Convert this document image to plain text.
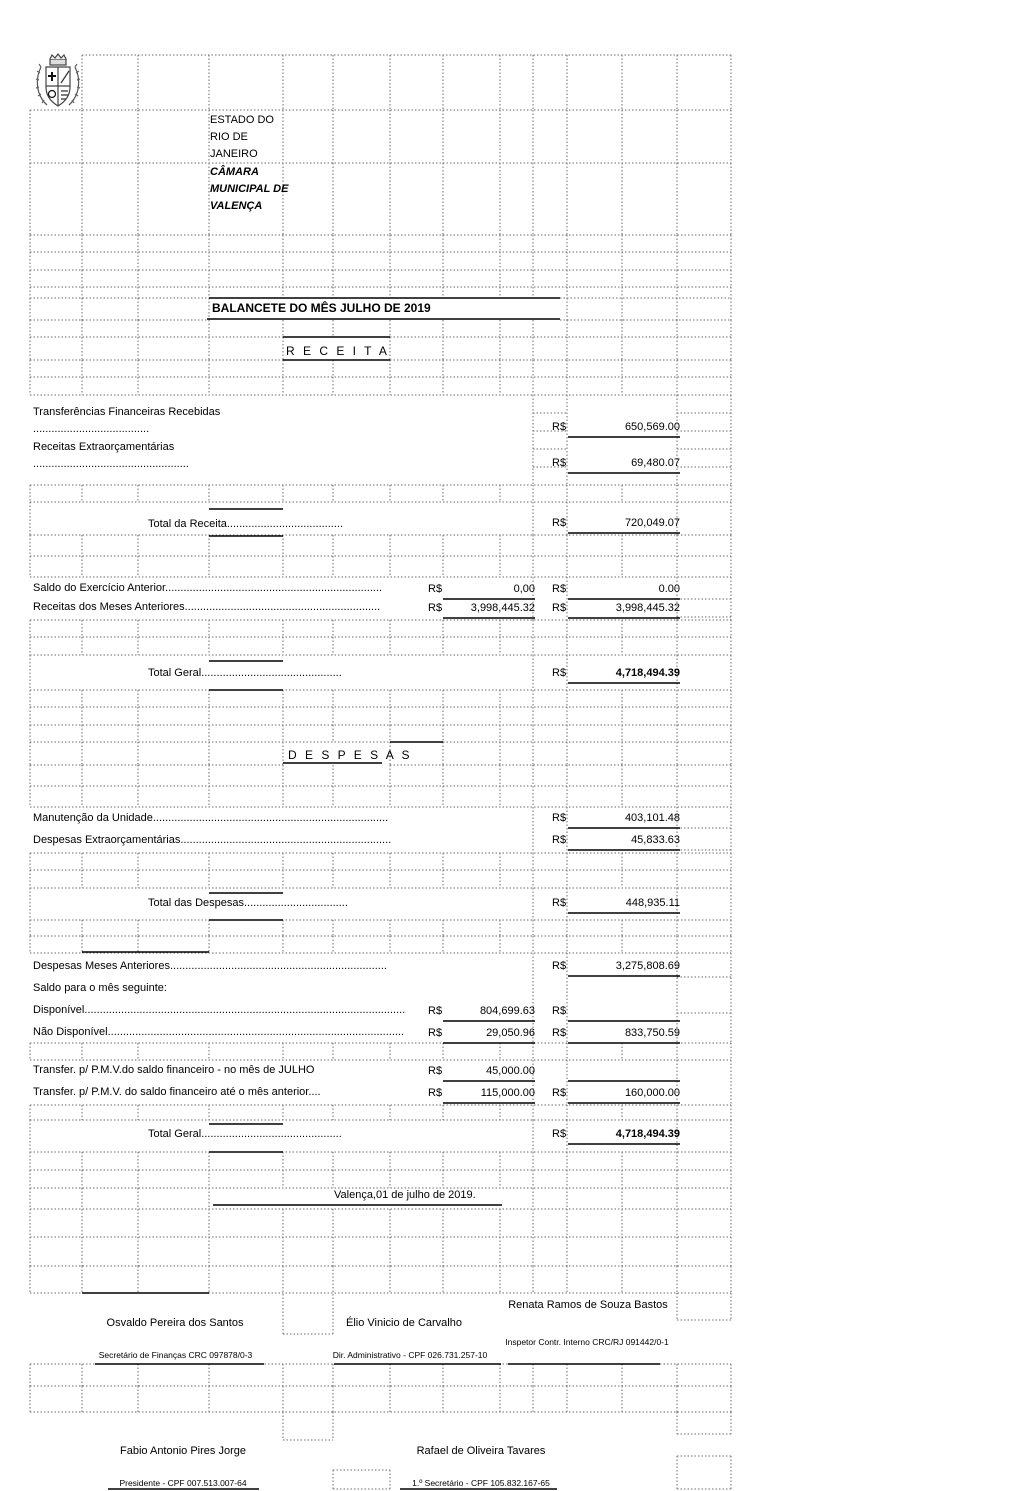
ESTADO DO RIO DE JANEIRO
CÂMARA MUNICIPAL DE VALENÇA
BALANCETE DO MÊS JULHO DE 2019
R E C E I T A
Transferências Financeiras Recebidas
......................................	R$	650,569.00
Receitas Extraorçamentárias
...................................................	R$	69,480.07
Total da Receita......................................	R$	720,049.07
Saldo do Exercício Anterior.......................................................................	R$	0,00 R$	0.00
Receitas dos Meses Anteriores................................................................	R$	3,998,445.32 R$	3,998,445.32
Total Geral..............................................	R$	4,718,494.39
D E S P E S A S
Manutenção da Unidade.............................................................................	R$	403,101.48
Despesas Extraorçamentárias.....................................................................	R$	45,833.63
Total das Despesas..................................	R$	448,935.11
Despesas Meses Anteriores.......................................................................	R$	3,275,808.69
Saldo para o mês seguinte:
Disponível.........................................................................................................	R$	804,699.63 R$
Não Disponível.................................................................................................	R$	29,050.96 R$	833,750.59
Transfer. p/ P.M.V.do saldo financeiro - no mês de JULHO	R$	45,000.00
Transfer. p/ P.M.V. do saldo financeiro até o mês anterior....	R$	115,000.00 R$	160,000.00
Total Geral..............................................	R$	4,718,494.39
Valença,01 de julho de 2019.
Osvaldo Pereira dos Santos
Secretário de Finanças CRC 097878/0-3
Élio Vinicio de Carvalho
Dir. Administrativo - CPF 026.731.257-10
Renata Ramos de Souza Bastos
Inspetor Contr. Interno CRC/RJ 091442/0-1
Fabio Antonio Pires Jorge
Presidente - CPF 007.513.007-64
Rafael de Oliveira Tavares
1.º Secretário - CPF 105.832.167-65
